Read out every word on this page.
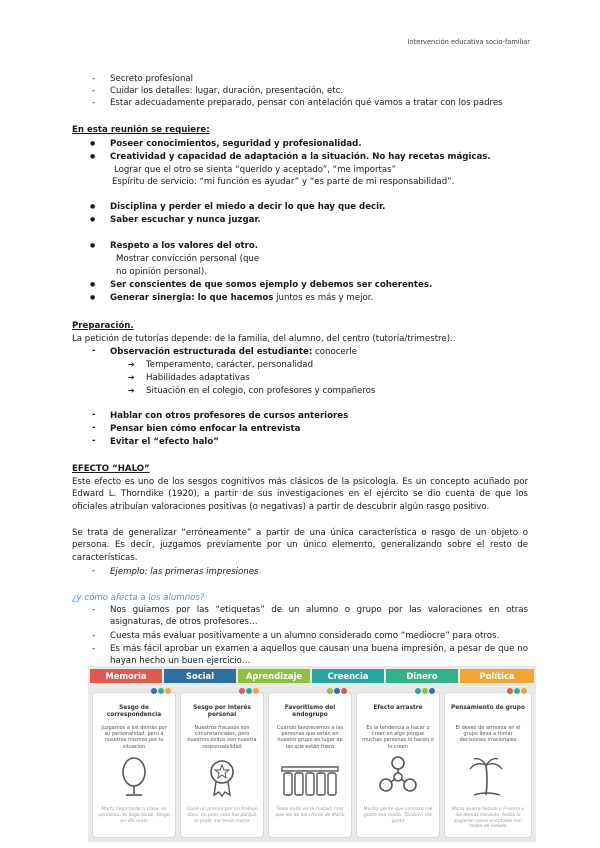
Intervención educativa socio-familiar
- Secreto profesional
- Cuidar los detalles: lugar, duración, presentación, etc.
- Estar adecuadamente preparado, pensar con antelación qué vamos a tratar con los padres
En esta reunión se requiere:
● Poseer conocimientos, seguridad y profesionalidad.
● Creatividad y capacidad de adaptación a la situación. No hay recetas mágicas.
Lograr que el otro se sienta “querido y aceptado”, “me importas”
Espíritu de servicio: “mi función es ayudar” y “es parte de mi responsabilidad”.
● Disciplina y perder el miedo a decir lo que hay que decir.
● Saber escuchar y nunca juzgar.
● Respeto a los valores del otro.
Mostrar convicción personal (que
no opinión personal).
● Ser conscientes de que somos ejemplo y debemos ser coherentes.
● Generar sinergia: lo que hacemos juntos es más y mejor.
Preparación.
La petición de tutorías depende: de la familia, del alumno, del centro (tutoría/trimestre)..
- Observación estructurada del estudiante: conocerle
➔ Temperamento, carácter, personalidad
➔ Habilidades adaptativas
➔ Situación en el colegio, con profesores y compañeros
- Hablar con otros profesores de cursos anteriores
- Pensar bien cómo enfocar la entrevista
- Evitar el “efecto halo”
EFECTO “HALO”
Este efecto es uno de los sesgos cognitivos más clásicos de la psicología. Es un concepto acuñado por Edward L. Thorndike (1920), a partir de sus investigaciones en el ejército se dio cuenta de que los oficiales atribuían valoraciones positivas (o negativas) a partir de descubrir algún rasgo positivo.
Se trata de generalizar “erróneamente” a partir de una única característica o rasgo de un objeto o persona. Es decir, juzgamos previamente por un único elemento, generalizando sobre el resto de características.
- Ejemplo: las primeras impresiones
¿y cómo afecta a los alumnos?
- Nos guiamos por las “etiquetas” de un alumno o grupo por las valoraciones en otras asignaturas, de otros profesores…
- Cuesta más evaluar positivamente a un alumno considerado como “mediocre” para otros.
- Es más fácil aprobar un examen a aquellos que causan una buena impresión, a pesar de que no hayan hecho un buen ejercicio…
Memoria	Social	Aprendizaje	Creencia	Dinero	Política
Sesgo de correspondencia
Juzgamos a los demás por su personalidad, pero a nosotros mismos por la situación
Marta llega tarde a clase, es perezosa. Yo llego tarde, tengo un día malo
Sesgo por interés personal
Nuestros fracasos son circunstanciales, pero nuestros éxitos son nuestra responsabilidad
Gané un premio por mi trabajo duro, mi peor nota fue porque el profe me tenía manía
Favoritismo del endogrupo
Cuando favorecemos a las personas que están en nuestro grupo en lugar de las que están fuera
Tenía éxito en la ciudad, más que los de los chicos de Mario
Efecto arrastre
Es la tendencia a hacer o creer en algo porque muchas personas lo hacen o lo creen
Mucha gente que conozco me gusta esa moda. También me gusta
Pensamiento de grupo
El deseo de armonía en el grupo lleva a tomar decisiones irracionales
Mario quiere helado y Francia y los demás también, todos la sugieren como aceptable con todos de helado
